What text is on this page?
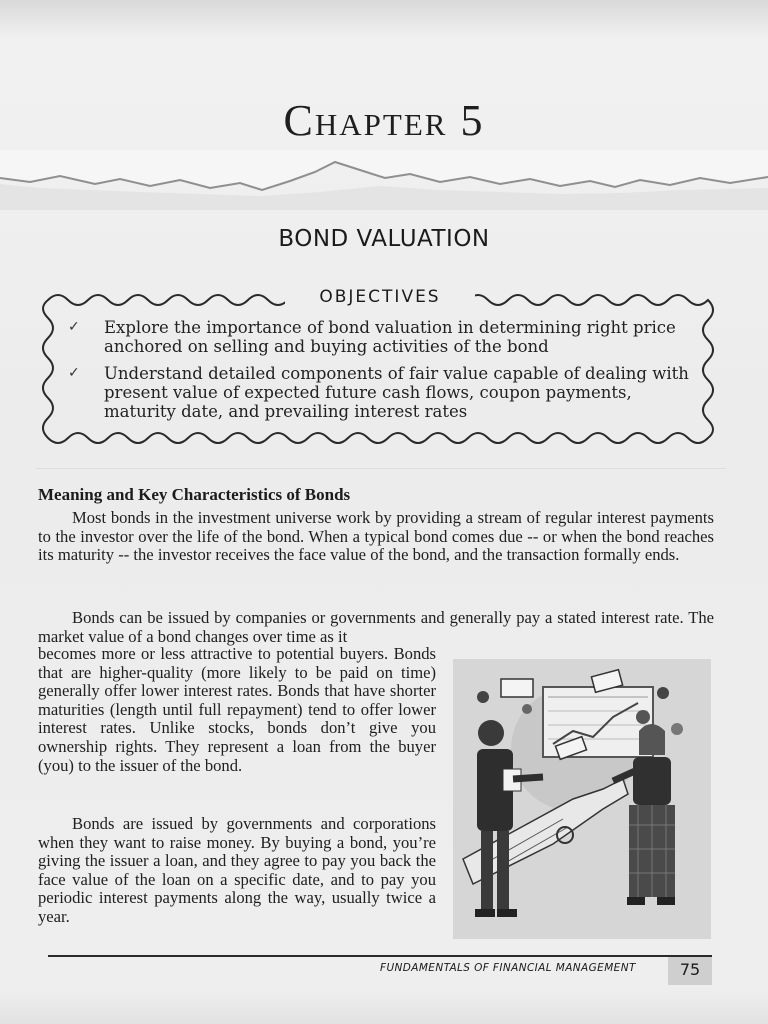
Chapter 5
BOND VALUATION
OBJECTIVES
✓ Explore the importance of bond valuation in determining right price anchored on selling and buying activities of the bond
✓ Understand detailed components of fair value capable of dealing with present value of expected future cash flows, coupon payments, maturity date, and prevailing interest rates
Meaning and Key Characteristics of Bonds
Most bonds in the investment universe work by providing a stream of regular interest payments to the investor over the life of the bond. When a typical bond comes due -- or when the bond reaches its maturity -- the investor receives the face value of the bond, and the transaction formally ends.
Bonds can be issued by companies or governments and generally pay a stated interest rate. The market value of a bond changes over time as it
becomes more or less attractive to potential buyers. Bonds that are higher-quality (more likely to be paid on time) generally offer lower interest rates. Bonds that have shorter maturities (length until full repayment) tend to offer lower interest rates. Unlike stocks, bonds don’t give you ownership rights. They represent a loan from the buyer (you) to the issuer of the bond.
Bonds are issued by governments and corporations when they want to raise money. By buying a bond, you’re giving the issuer a loan, and they agree to pay you back the face value of the loan on a specific date, and to pay you periodic interest payments along the way, usually twice a year.
FUNDAMENTALS OF FINANCIAL MANAGEMENT	75
